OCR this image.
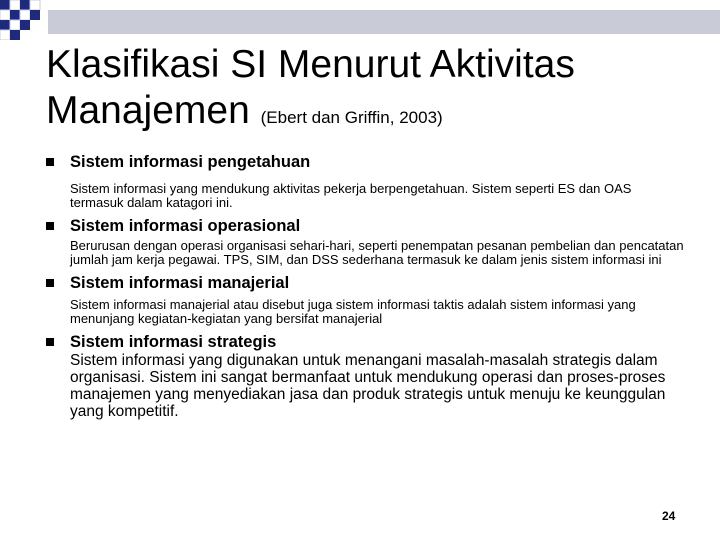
Klasifikasi SI Menurut Aktivitas
Manajemen (Ebert dan Griffin, 2003)
Sistem informasi pengetahuan
Sistem informasi yang mendukung aktivitas pekerja berpengetahuan. Sistem seperti ES dan OAS termasuk dalam katagori ini.
Sistem informasi operasional
Berurusan dengan operasi organisasi sehari-hari, seperti penempatan pesanan pembelian dan pencatatan jumlah jam kerja pegawai. TPS, SIM, dan DSS sederhana termasuk ke dalam jenis sistem informasi ini
Sistem informasi manajerial
Sistem informasi manajerial atau disebut juga sistem informasi taktis adalah sistem informasi yang menunjang kegiatan-kegiatan yang bersifat manajerial
Sistem informasi strategis
Sistem informasi yang digunakan untuk menangani masalah-masalah strategis dalam organisasi. Sistem ini sangat bermanfaat untuk mendukung operasi dan proses-proses manajemen yang menyediakan jasa dan produk strategis untuk menuju ke keunggulan yang kompetitif.
24
